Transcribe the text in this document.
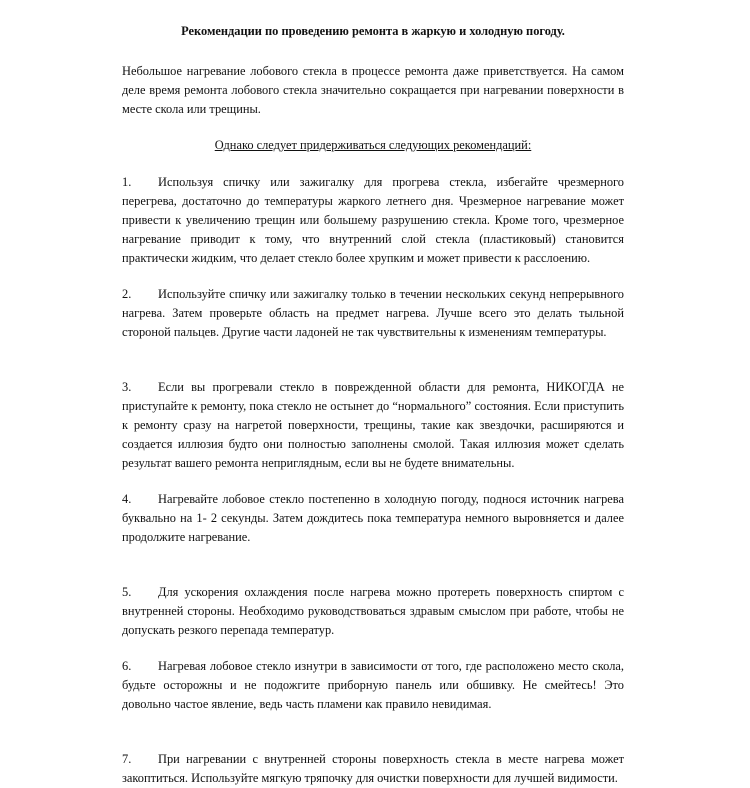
Рекомендации по проведению ремонта в жаркую и холодную погоду.

Небольшое нагревание лобового стекла в процессе ремонта даже приветствуется. На самом деле время ремонта лобового стекла значительно сокращается при нагревании поверхности в месте скола или трещины.

Однако следует придерживаться следующих рекомендаций:

1. Используя спичку или зажигалку для прогрева стекла, избегайте чрезмерного перегрева, достаточно до температуры жаркого летнего дня. Чрезмерное нагревание может привести к увеличению трещин или большему разрушению стекла. Кроме того, чрезмерное нагревание приводит к тому, что внутренний слой стекла (пластиковый) становится практически жидким, что делает стекло более хрупким и может привести к расслоению.
2. Используйте спичку или зажигалку только в течении нескольких секунд непрерывного нагрева. Затем проверьте область на предмет нагрева. Лучше всего это делать тыльной стороной пальцев. Другие части ладоней не так чувствительны к изменениям температуры.
3. Если вы прогревали стекло в поврежденной области для ремонта, НИКОГДА не приступайте к ремонту, пока стекло не остынет до “нормального” состояния. Если приступить к ремонту сразу на нагретой поверхности, трещины, такие как звездочки, расширяются и создается иллюзия будто они полностью заполнены смолой. Такая иллюзия может сделать результат вашего ремонта неприглядным, если вы не будете внимательны.
4. Нагревайте лобовое стекло постепенно в холодную погоду, поднося источник нагрева буквально на 1- 2 секунды. Затем дождитесь пока температура немного выровняется и далее продолжите нагревание.
5. Для ускорения охлаждения после нагрева можно протереть поверхность спиртом с внутренней стороны. Необходимо руководствоваться здравым смыслом при работе, чтобы не допускать резкого перепада температур.
6. Нагревая лобовое стекло изнутри в зависимости от того, где расположено место скола, будьте осторожны и не подожгите приборную панель или обшивку. Не смейтесь! Это довольно частое явление, ведь часть пламени как правило невидимая.
7. При нагревании с внутренней стороны поверхность стекла в месте нагрева может закоптиться. Используйте мягкую тряпочку для очистки поверхности для лучшей видимости.
